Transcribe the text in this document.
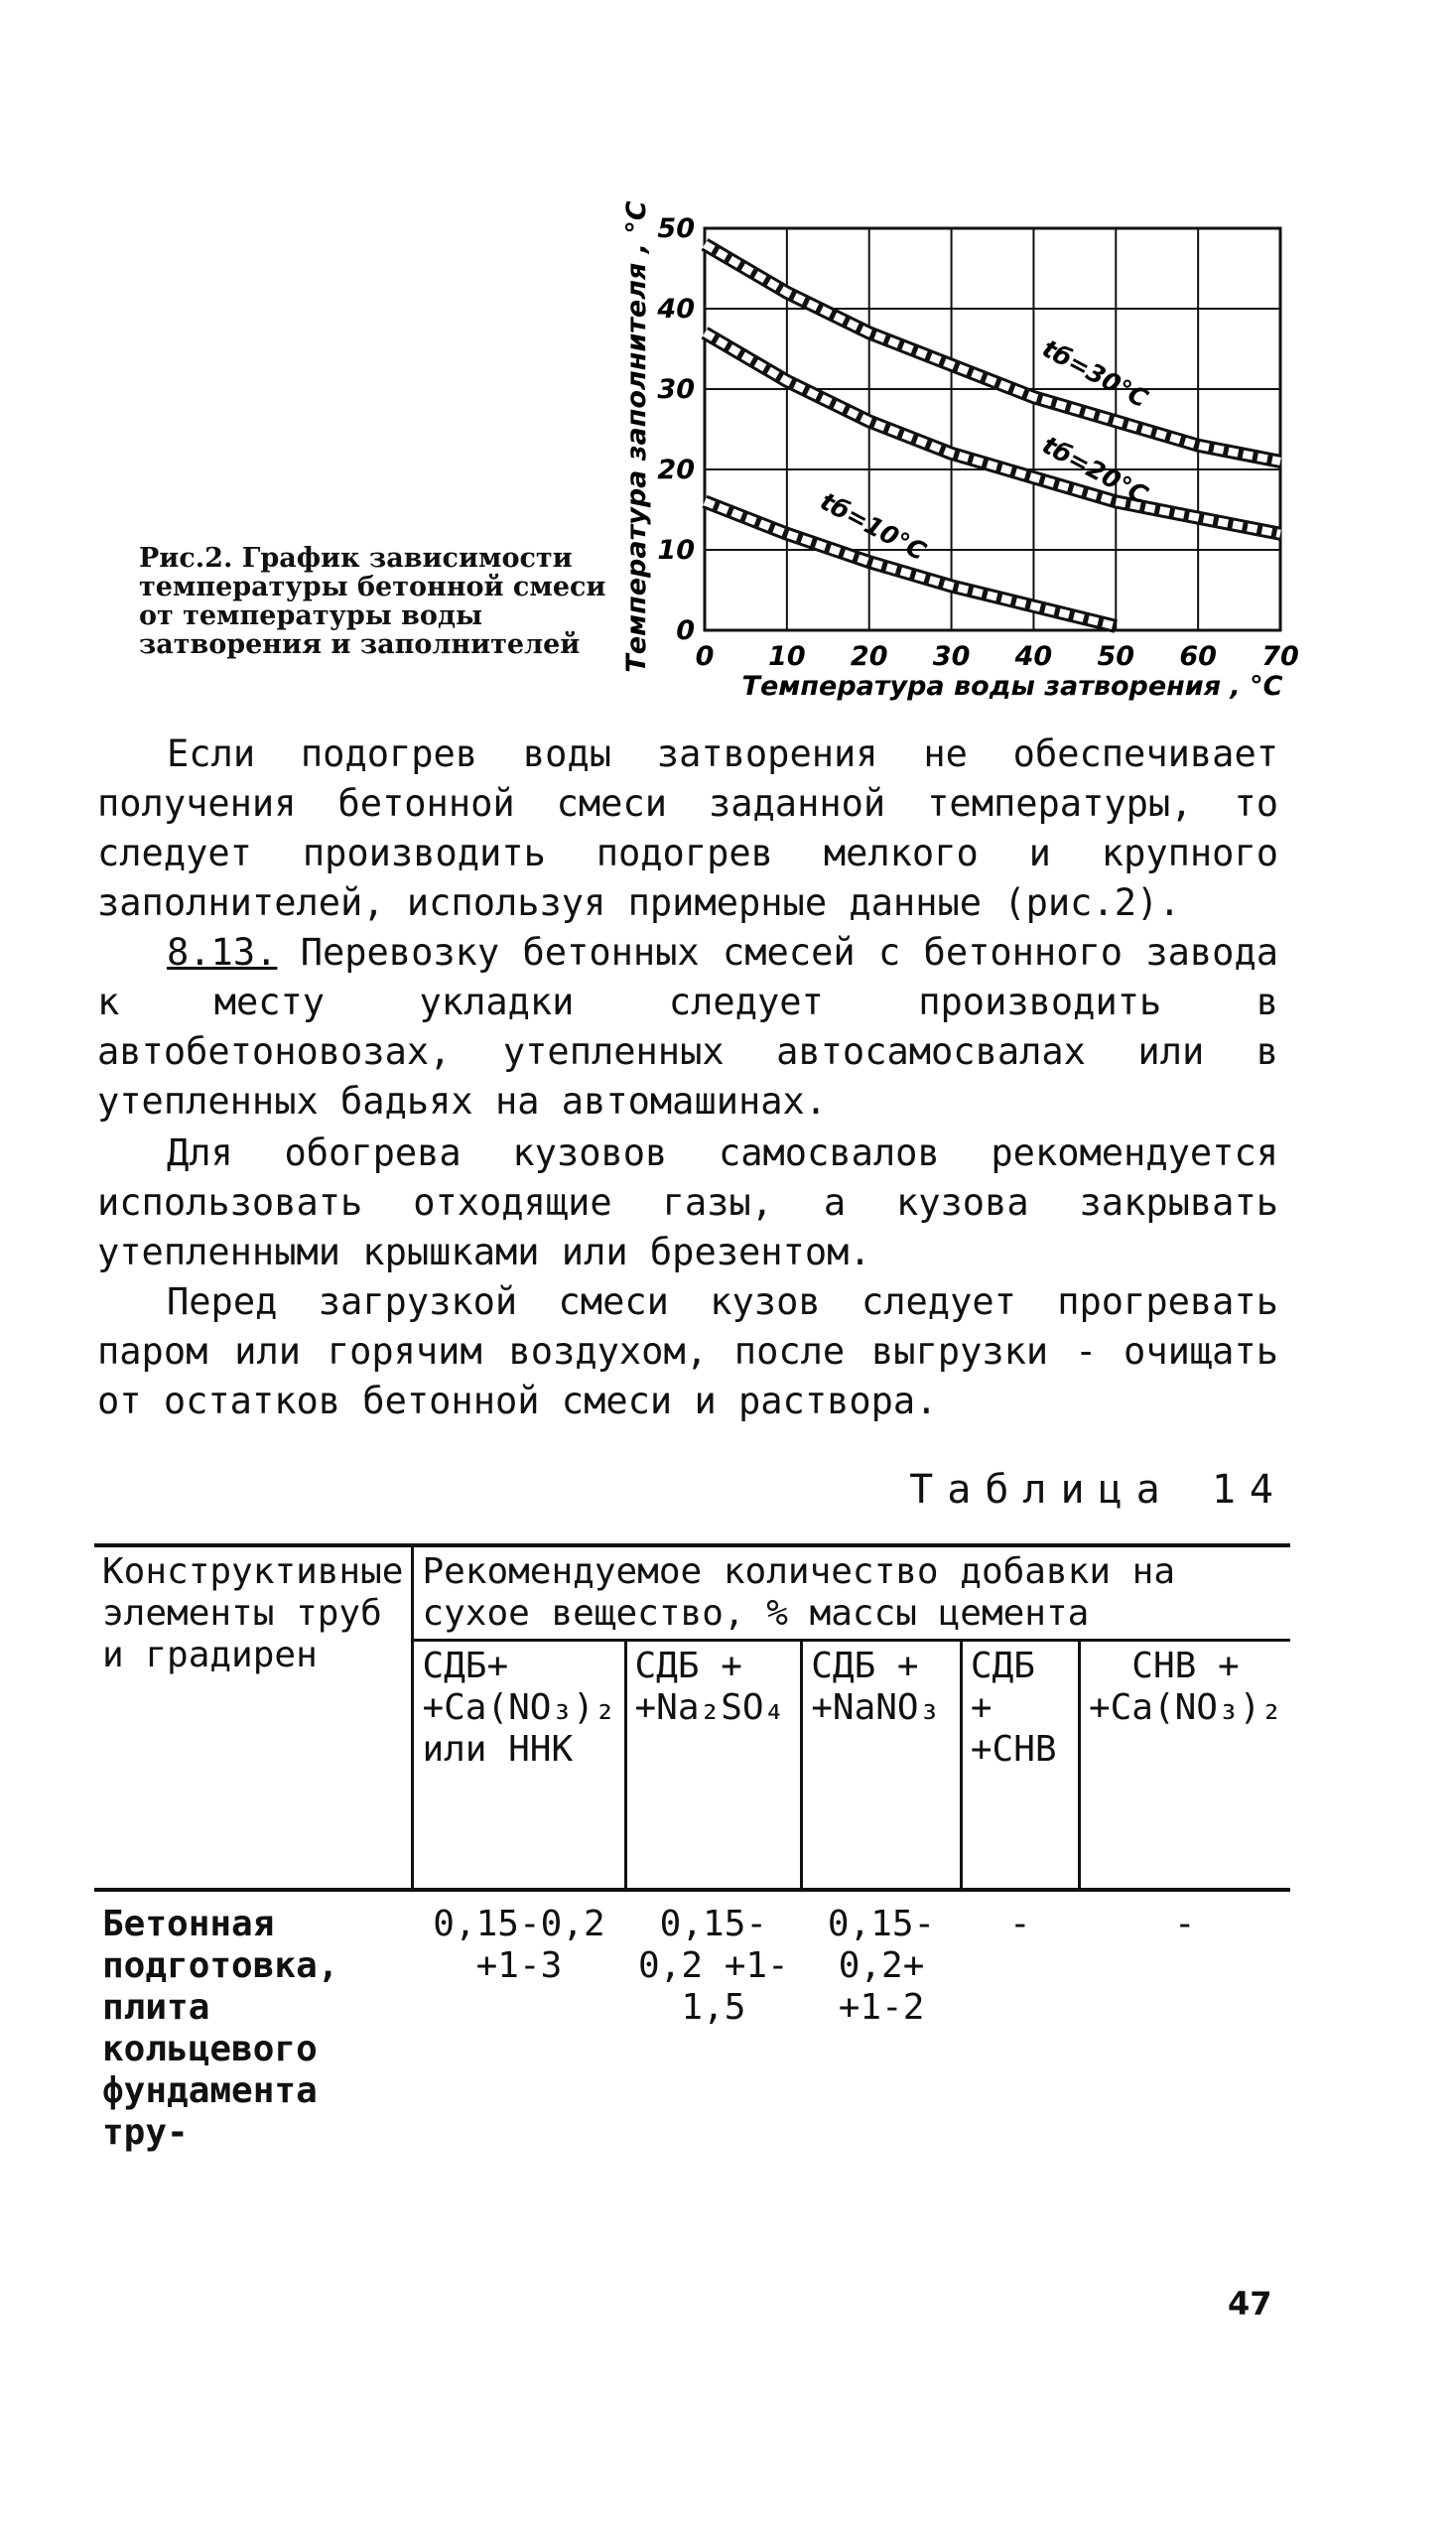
0 10 20 30 40 50 60 70
0
10
20
30
40
50
tб=30°С
tб=20°С
tб=10°С
Температура воды затворения , °С
Температура заполнителя , °С
Рис.2. График зависимости температуры бетонной смеси от температуры воды затворения и заполнителей
Если подогрев воды затворения не обеспечивает получения бетонной смеси заданной температуры, то следует производить подогрев мелкого и крупного заполнителей, используя примерные данные (рис.2).
8.13. Перевозку бетонных смесей с бетонного завода к месту укладки следует производить в автобетоновозах, утепленных автосамосвалах или в утепленных бадьях на автомашинах.
Для обогрева кузовов самосвалов рекомендуется использовать отходящие газы, а кузова закрывать утепленными крышками или брезентом.
Перед загрузкой смеси кузов следует прогревать паром или горячим воздухом, после выгрузки - очищать от остатков бетонной смеси и раствора.
Таблица 14
Конструктивные элементы труб и градирен	Рекомендуемое количество добавки на сухое вещество, % массы цемента				
	СДБ+ +Ca(NO₃)₂ или ННК	СДБ + +Na₂SO₄	СДБ + +NaNO₃	СДБ + +СНВ	СНВ + +Ca(NO₃)₂
Бетонная подготовка, плита кольцевого фундамента тру-	0,15-0,2 +1-3	0,15-0,2 +1-1,5	0,15-0,2+ +1-2	-	-
47
